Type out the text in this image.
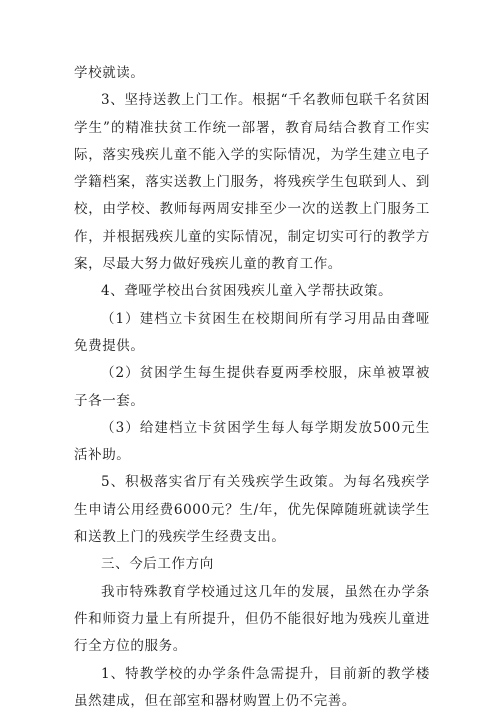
学校就读。

3、坚持送教上门工作。根据“千名教师包联千名贫困学生”的精准扶贫工作统一部署，教育局结合教育工作实际，落实残疾儿童不能入学的实际情况，为学生建立电子学籍档案，落实送教上门服务，将残疾学生包联到人、到校，由学校、教师每两周安排至少一次的送教上门服务工作，并根据残疾儿童的实际情况，制定切实可行的教学方案，尽最大努力做好残疾儿童的教育工作。

4、聋哑学校出台贫困残疾儿童入学帮扶政策。

（1）建档立卡贫困生在校期间所有学习用品由聋哑免费提供。

（2）贫困学生每生提供春夏两季校服，床单被罩被子各一套。

（3）给建档立卡贫困学生每人每学期发放500元生活补助。

5、积极落实省厅有关残疾学生政策。为每名残疾学生申请公用经费6000元？生/年，优先保障随班就读学生和送教上门的残疾学生经费支出。

三、今后工作方向

我市特殊教育学校通过这几年的发展，虽然在办学条件和师资力量上有所提升，但仍不能很好地为残疾儿童进行全方位的服务。

1、特教学校的办学条件急需提升，目前新的教学楼虽然建成，但在部室和器材购置上仍不完善。
